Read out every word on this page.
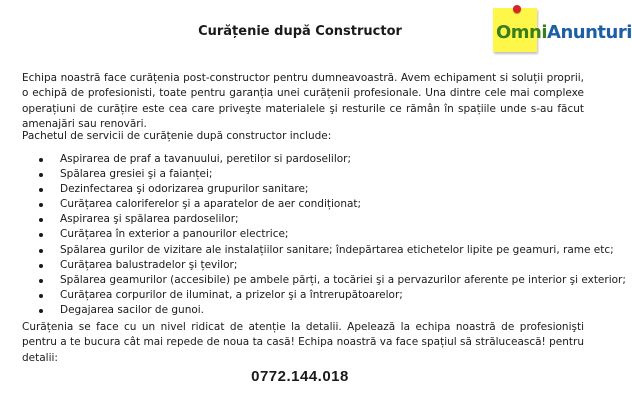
Curățenie după Constructor	OmniAnunturi
Echipa noastră face curățenia post-constructor pentru dumneavoastră. Avem echipament si soluții proprii, o echipă de profesionisti, toate pentru garanția unei curățenii profesionale. Una dintre cele mai complexe operațiuni de curățire este cea care priveşte materialele şi resturile ce rămân în spațiile unde s-au făcut amenajări sau renovări.
Pachetul de servicii de curățenie după constructor include:
Aspirarea de praf a tavanuului, peretilor si pardoselilor;
Spălarea gresiei şi a faianței;
Dezinfectarea şi odorizarea grupurilor sanitare;
Curățarea caloriferelor şi a aparatelor de aer condiționat;
Aspirarea şi spălarea pardoselilor;
Curățarea în exterior a panourilor electrice;
Spălarea gurilor de vizitare ale instalațiilor sanitare; îndepărtarea etichetelor lipite pe geamuri, rame etc;
Curățarea balustradelor şi țevilor;
Spălarea geamurilor (accesibile) pe ambele părți, a tocăriei şi a pervazurilor aferente pe interior şi exterior;
Curățarea corpurilor de iluminat, a prizelor şi a întrerupătoarelor;
Degajarea sacilor de gunoi.
Curățenia se face cu un nivel ridicat de atenție la detalii. Apelează la echipa noastră de profesionişti pentru a te bucura cât mai repede de noua ta casă! Echipa noastră va face spațiul să strălucească! pentru detalii:
0772.144.018
